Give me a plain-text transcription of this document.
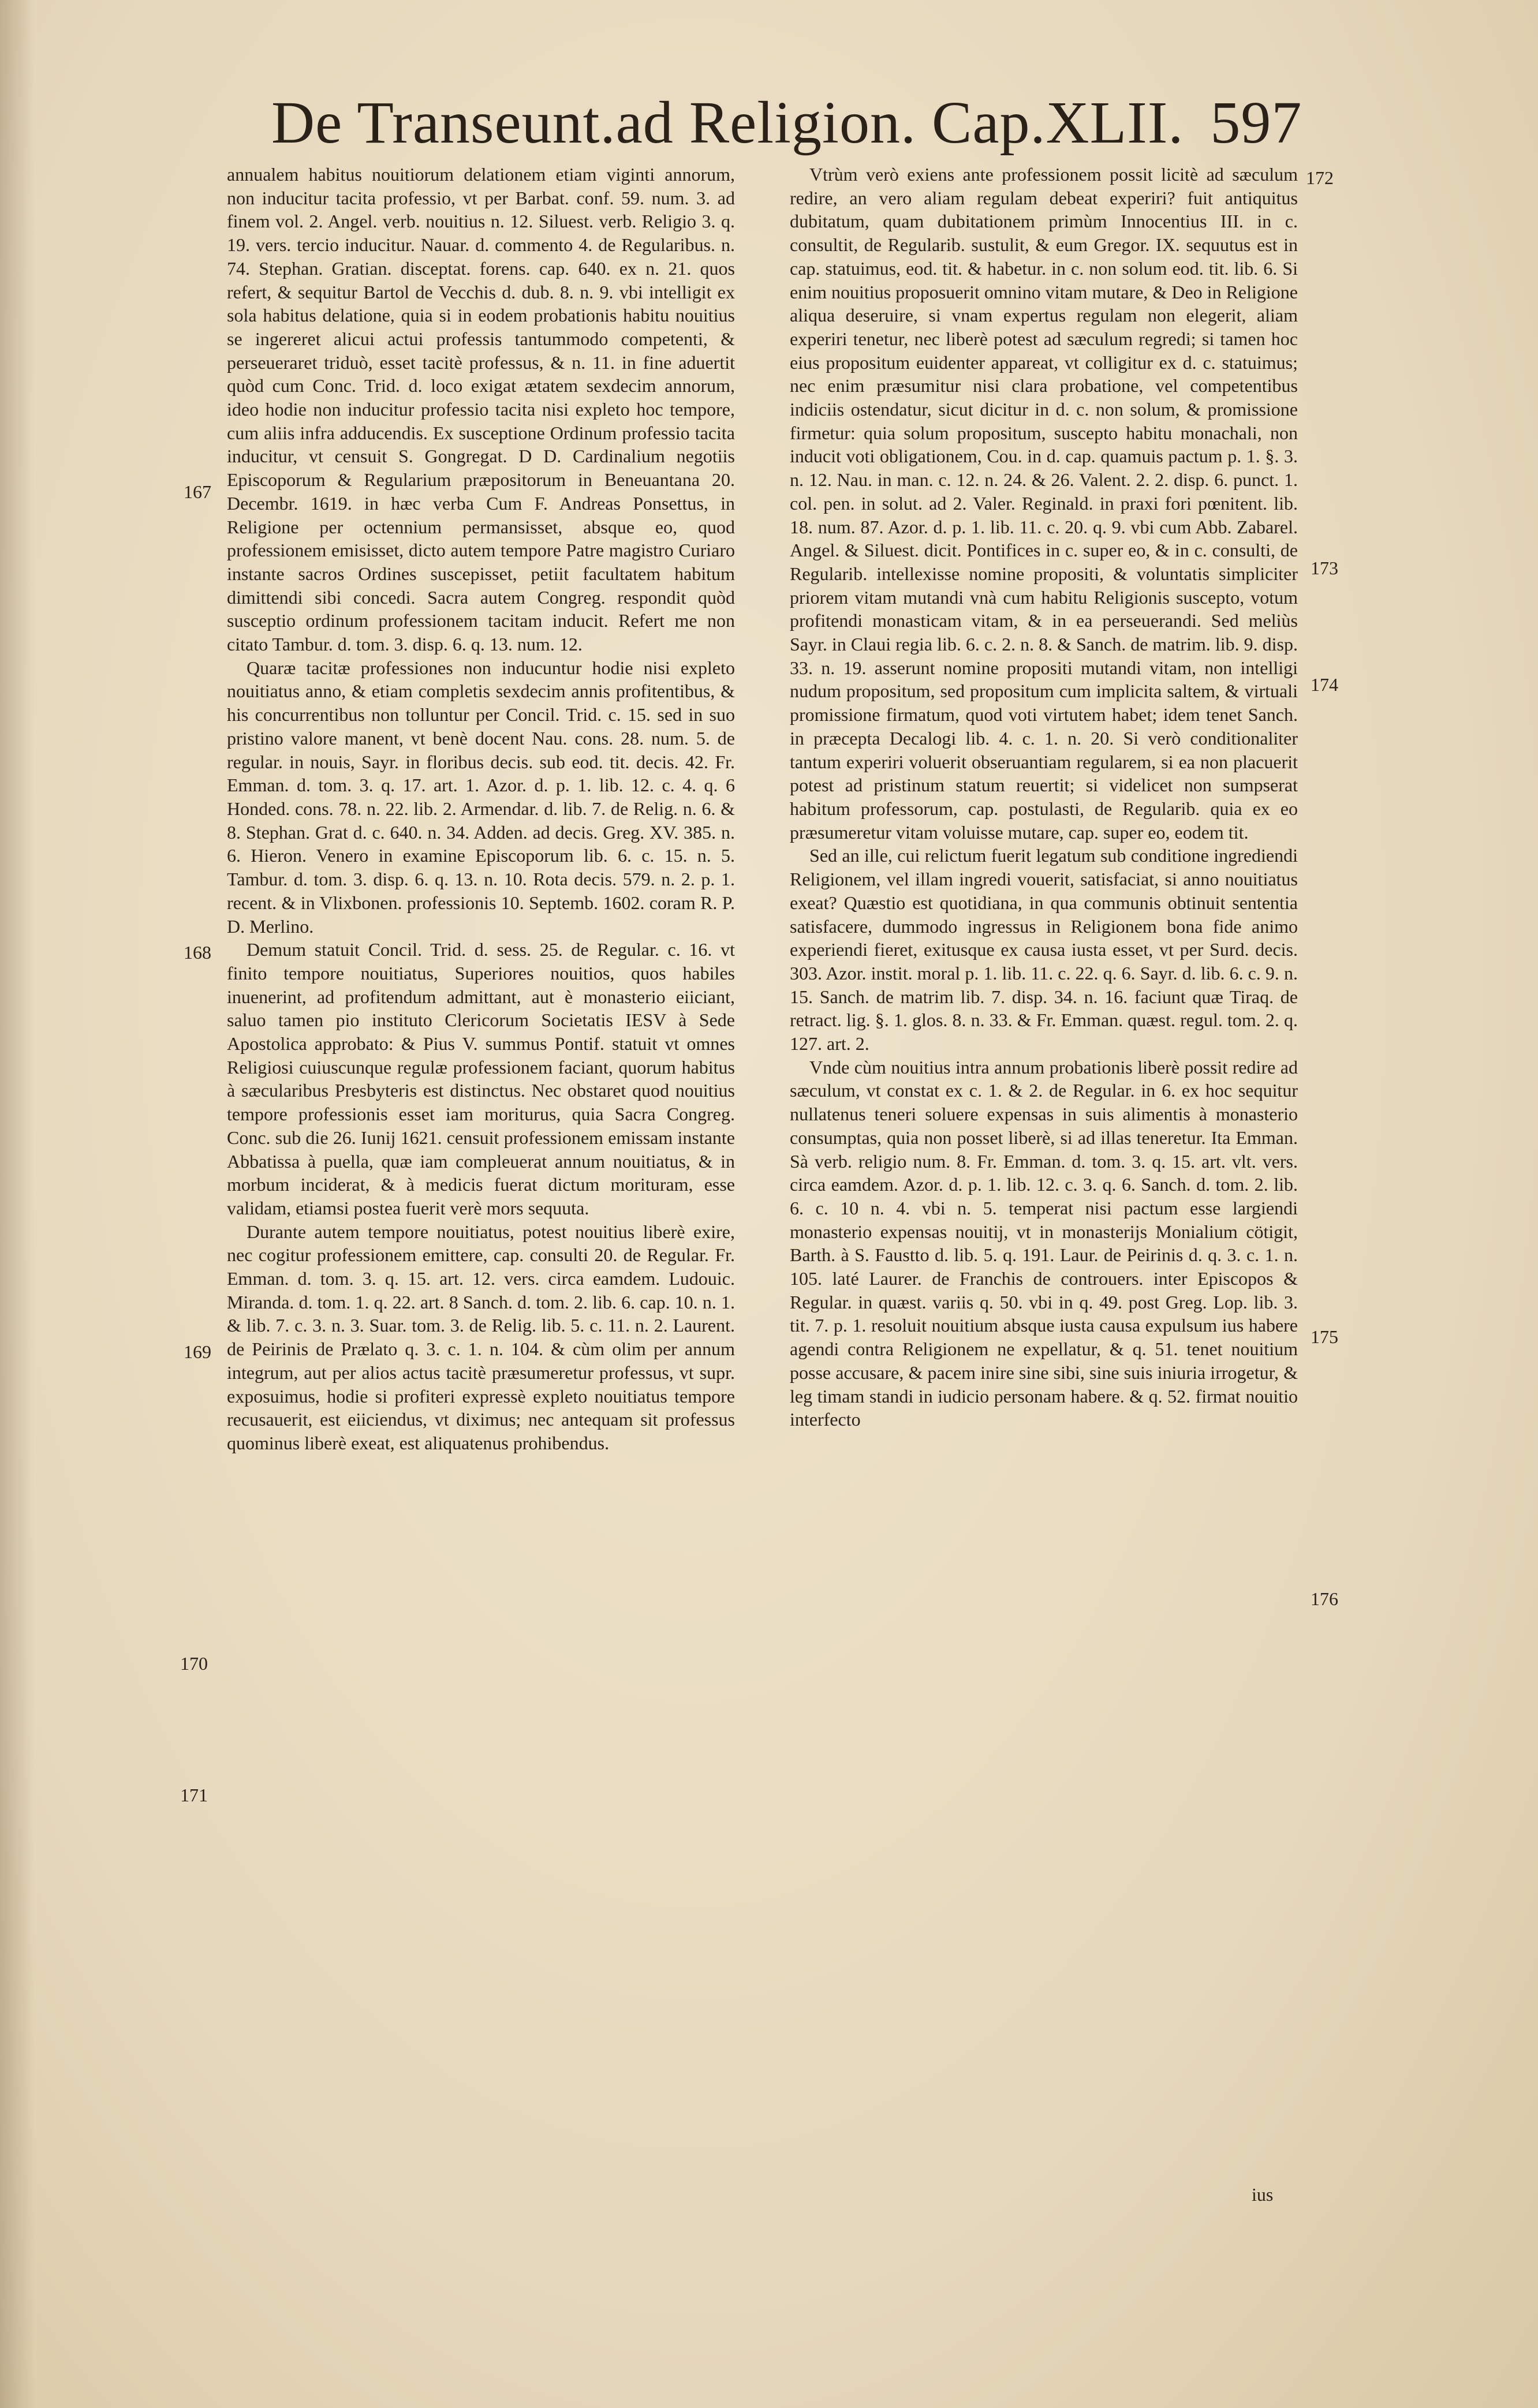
De Transeunt.ad Religion. Cap.XLII. 597

annualem habitus nouitiorum delationem etiam viginti annorum, non inducitur tacita professio, vt per Barbat. conf. 59. num. 3. ad finem vol. 2. Angel. verb. nouitius n. 12. Siluest. verb. Religio 3. q. 19. vers. tercio inducitur. Nauar. d. commento 4. de Regularibus. n. 74. Stephan. Gratian. disceptat. forens. cap. 640. ex n. 21. quos refert, & sequitur Bartol de Vecchis d. dub. 8. n. 9. vbi intelligit ex sola habitus delatione, quia si in eodem probationis habitu nouitius se ingereret alicui actui professis tantummodo competenti, & perseueraret triduò, esset tacitè professus, & n. 11. in fine aduertit quòd cum Conc. Trid. d. loco exigat ætatem sexdecim annorum, ideo hodie non inducitur professio tacita nisi expleto hoc tempore, cum aliis infra adducendis. Ex susceptione Ordinum professio tacita inducitur, vt censuit S. Gongregat. D D. Cardinalium negotiis Episcoporum & Regularium præpositorum in Beneuantana 20. Decembr. 1619. in hæc verba Cum F. Andreas Ponsettus, in Religione per octennium permansisset, absque eo, quod professionem emisisset, dicto autem tempore Patre magistro Curiaro instante sacros Ordines suscepisset, petiit facultatem habitum dimittendi sibi concedi. Sacra autem Congreg. respondit quòd susceptio ordinum professionem tacitam inducit. Refert me non citato Tambur. d. tom. 3. disp. 6. q. 13. num. 12.

Quaræ tacitæ professiones non inducuntur hodie nisi expleto nouitiatus anno, & etiam completis sexdecim annis profitentibus, & his concurrentibus non tolluntur per Concil. Trid. c. 15. sed in suo pristino valore manent, vt benè docent Nau. cons. 28. num. 5. de regular. in nouis, Sayr. in floribus decis. sub eod. tit. decis. 42. Fr. Emman. d. tom. 3. q. 17. art. 1. Azor. d. p. 1. lib. 12. c. 4. q. 6 Honded. cons. 78. n. 22. lib. 2. Armendar. d. lib. 7. de Relig. n. 6. & 8. Stephan. Grat d. c. 640. n. 34. Adden. ad decis. Greg. XV. 385. n. 6. Hieron. Venero in examine Episcoporum lib. 6. c. 15. n. 5. Tambur. d. tom. 3. disp. 6. q. 13. n. 10. Rota decis. 579. n. 2. p. 1. recent. & in Vlixbonen. professionis 10. Septemb. 1602. coram R. P. D. Merlino.

Demum statuit Concil. Trid. d. sess. 25. de Regular. c. 16. vt finito tempore nouitiatus, Superiores nouitios, quos habiles inuenerint, ad profitendum admittant, aut è monasterio eiiciant, saluo tamen pio instituto Clericorum Societatis IESV à Sede Apostolica approbato: & Pius V. summus Pontif. statuit vt omnes Religiosi cuiuscunque regulæ professionem faciant, quorum habitus à sæcularibus Presbyteris est distinctus. Nec obstaret quod nouitius tempore professionis esset iam moriturus, quia Sacra Congreg. Conc. sub die 26. Iunij 1621. censuit professionem emissam instante Abbatissa à puella, quæ iam compleuerat annum nouitiatus, & in morbum inciderat, & à medicis fuerat dictum morituram, esse validam, etiamsi postea fuerit verè mors sequuta.

Durante autem tempore nouitiatus, potest nouitius liberè exire, nec cogitur professionem emittere, cap. consulti 20. de Regular. Fr. Emman. d. tom. 3. q. 15. art. 12. vers. circa eamdem. Ludouic. Miranda. d. tom. 1. q. 22. art. 8 Sanch. d. tom. 2. lib. 6. cap. 10. n. 1. & lib. 7. c. 3. n. 3. Suar. tom. 3. de Relig. lib. 5. c. 11. n. 2. Laurent. de Peirinis de Prælato q. 3. c. 1. n. 104. & cùm olim per annum integrum, aut per alios actus tacitè præsumeretur professus, vt supr. exposuimus, hodie si profiteri expressè expleto nouitiatus tempore recusauerit, est eiiciendus, vt diximus; nec antequam sit professus quominus liberè exeat, est aliquatenus prohibendus.

Vtrùm verò exiens ante professionem possit licitè ad sæculum redire, an vero aliam regulam debeat experiri? fuit antiquitus dubitatum, quam dubitationem primùm Innocentius III. in c. consultit, de Regularib. sustulit, & eum Gregor. IX. sequutus est in cap. statuimus, eod. tit. & habetur. in c. non solum eod. tit. lib. 6. Si enim nouitius proposuerit omnino vitam mutare, & Deo in Religione aliqua deseruire, si vnam expertus regulam non elegerit, aliam experiri tenetur, nec liberè potest ad sæculum regredi; si tamen hoc eius propositum euidenter appareat, vt colligitur ex d. c. statuimus; nec enim præsumitur nisi clara probatione, vel competentibus indiciis ostendatur, sicut dicitur in d. c. non solum, & promissione firmetur: quia solum propositum, suscepto habitu monachali, non inducit voti obligationem, Cou. in d. cap. quamuis pactum p. 1. §. 3. n. 12. Nau. in man. c. 12. n. 24. & 26. Valent. 2. 2. disp. 6. punct. 1. col. pen. in solut. ad 2. Valer. Reginald. in praxi fori pœnitent. lib. 18. num. 87. Azor. d. p. 1. lib. 11. c. 20. q. 9. vbi cum Abb. Zabarel. Angel. & Siluest. dicit. Pontifices in c. super eo, & in c. consulti, de Regularib. intellexisse nomine propositi, & voluntatis simpliciter priorem vitam mutandi vnà cum habitu Religionis suscepto, votum profitendi monasticam vitam, & in ea perseuerandi. Sed meliùs Sayr. in Claui regia lib. 6. c. 2. n. 8. & Sanch. de matrim. lib. 9. disp. 33. n. 19. asserunt nomine propositi mutandi vitam, non intelligi nudum propositum, sed propositum cum implicita saltem, & virtuali promissione firmatum, quod voti virtutem habet; idem tenet Sanch. in præcepta Decalogi lib. 4. c. 1. n. 20. Si verò conditionaliter tantum experiri voluerit obseruantiam regularem, si ea non placuerit potest ad pristinum statum reuertit; si videlicet non sumpserat habitum professorum, cap. postulasti, de Regularib. quia ex eo præsumeretur vitam voluisse mutare, cap. super eo, eodem tit.

Sed an ille, cui relictum fuerit legatum sub conditione ingrediendi Religionem, vel illam ingredi vouerit, satisfaciat, si anno nouitiatus exeat? Quæstio est quotidiana, in qua communis obtinuit sententia satisfacere, dummodo ingressus in Religionem bona fide animo experiendi fieret, exitusque ex causa iusta esset, vt per Surd. decis. 303. Azor. instit. moral p. 1. lib. 11. c. 22. q. 6. Sayr. d. lib. 6. c. 9. n. 15. Sanch. de matrim lib. 7. disp. 34. n. 16. faciunt quæ Tiraq. de retract. lig. §. 1. glos. 8. n. 33. & Fr. Emman. quæst. regul. tom. 2. q. 127. art. 2.

Vnde cùm nouitius intra annum probationis liberè possit redire ad sæculum, vt constat ex c. 1. & 2. de Regular. in 6. ex hoc sequitur nullatenus teneri soluere expensas in suis alimentis à monasterio consumptas, quia non posset liberè, si ad illas teneretur. Ita Emman. Sà verb. religio num. 8. Fr. Emman. d. tom. 3. q. 15. art. vlt. vers. circa eamdem. Azor. d. p. 1. lib. 12. c. 3. q. 6. Sanch. d. tom. 2. lib. 6. c. 10 n. 4. vbi n. 5. temperat nisi pactum esse largiendi monasterio expensas nouitij, vt in monasterijs Monialium cötigit, Barth. à S. Faustto d. lib. 5. q. 191. Laur. de Peirinis d. q. 3. c. 1. n. 105. laté Laurer. de Franchis de controuers. inter Episcopos & Regular. in quæst. variis q. 50. vbi in q. 49. post Greg. Lop. lib. 3. tit. 7. p. 1. resoluit nouitium absque iusta causa expulsum ius habere agendi contra Religionem ne expellatur, & q. 51. tenet nouitium posse accusare, & pacem inire sine sibi, sine suis iniuria irrogetur, & leg timam standi in iudicio personam habere. & q. 52. firmat nouitio interfecto

167
168
169
170
171
172
173
174
175
176
ius
